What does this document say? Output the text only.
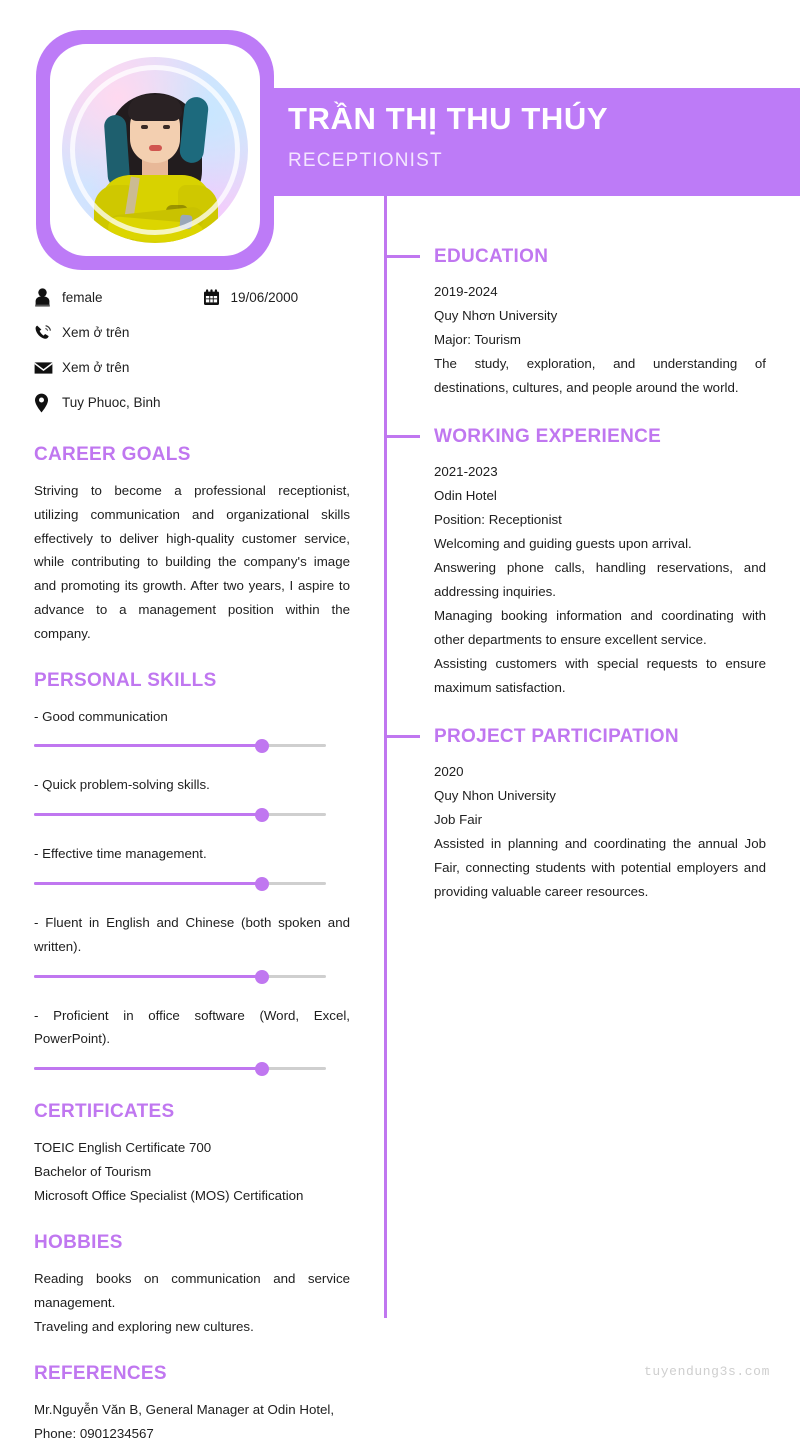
TRẦN THỊ THU THÚY
RECEPTIONIST
female	19/06/2000
Xem ở trên
Xem ở trên
Tuy Phuoc, Binh
CAREER GOALS
Striving to become a professional receptionist, utilizing communication and organizational skills effectively to deliver high-quality customer service, while contributing to building the company's image and promoting its growth. After two years, I aspire to advance to a management position within the company.
PERSONAL SKILLS
- Good communication
- Quick problem-solving skills.
- Effective time management.
- Fluent in English and Chinese (both spoken and written).
- Proficient in office software (Word, Excel, PowerPoint).
CERTIFICATES
TOEIC English Certificate 700
Bachelor of Tourism
Microsoft Office Specialist (MOS) Certification
HOBBIES
Reading books on communication and service management.
Traveling and exploring new cultures.
REFERENCES
Mr.Nguyễn Văn B, General Manager at Odin Hotel,
Phone: 0901234567
EDUCATION
2019-2024
Quy Nhơn University
Major: Tourism
The study, exploration, and understanding of destinations, cultures, and people around the world.
WORKING EXPERIENCE
2021-2023
Odin Hotel
Position: Receptionist
Welcoming and guiding guests upon arrival.
Answering phone calls, handling reservations, and addressing inquiries.
Managing booking information and coordinating with other departments to ensure excellent service.
Assisting customers with special requests to ensure maximum satisfaction.
PROJECT PARTICIPATION
2020
Quy Nhon University
Job Fair
Assisted in planning and coordinating the annual Job Fair, connecting students with potential employers and providing valuable career resources.
tuyendung3s.com
